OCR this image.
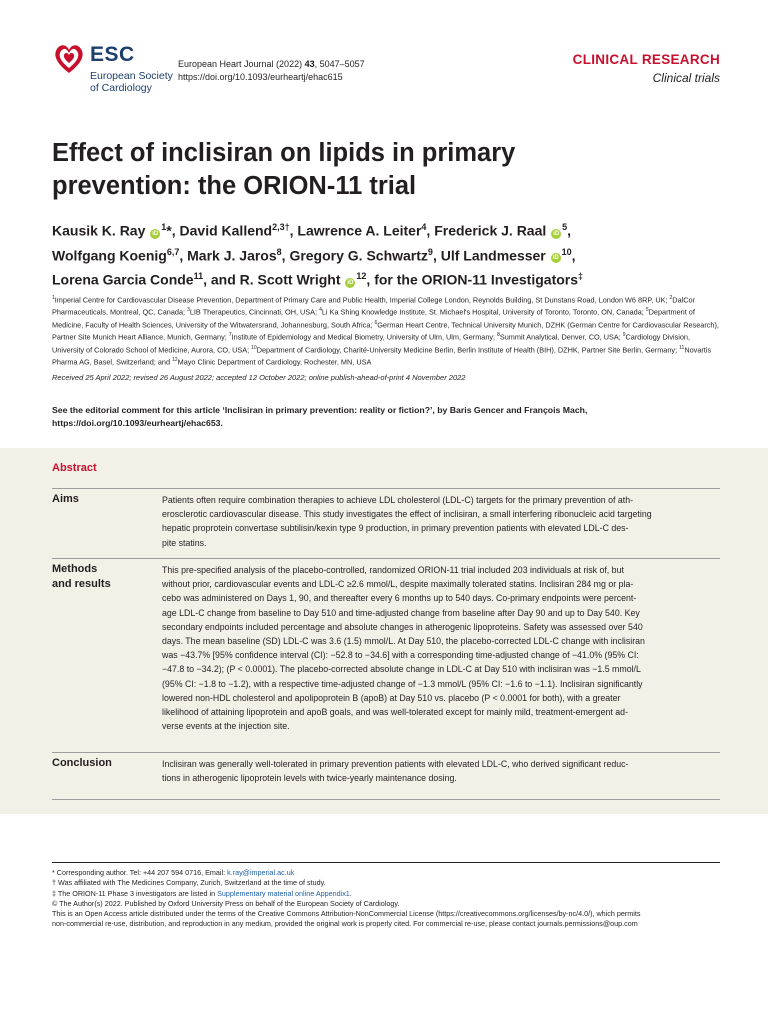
ESC
European Society
of Cardiology
European Heart Journal (2022) 43, 5047–5057
https://doi.org/10.1093/eurheartj/ehac615
CLINICAL RESEARCH
Clinical trials
Effect of inclisiran on lipids in primary
prevention: the ORION-11 trial
Kausik K. Ray $iD^1*$, David Kallend$^{2,3\dagger}$, Lawrence A. Leiter$^4$, Frederick J. Raal $iD^5$,
Wolfgang Koenig$^{6,7}$, Mark J. Jaros$^8$, Gregory G. Schwartz$^9$, Ulf Landmesser $iD^{10}$,
Lorena Garcia Conde$^{11}$, and R. Scott Wright $iD^{12}$, for the ORION-11 Investigators‡
$^1$Imperial Centre for Cardiovascular Disease Prevention, Department of Primary Care and Public Health, Imperial College London, Reynolds Building, St Dunstans Road, London W6 8RP, UK; $^2$DalCor Pharmaceuticals, Montreal, QC, Canada; $^3$LIB Therapeutics, Cincinnati, OH, USA; $^4$Li Ka Shing Knowledge Institute, St. Michael's Hospital, University of Toronto, Toronto, ON, Canada; $^5$Department of Medicine, Faculty of Health Sciences, University of the Witwatersrand, Johannesburg, South Africa; $^6$German Heart Centre, Technical University Munich, DZHK (German Centre for Cardiovascular Research), Partner Site Munich Heart Alliance, Munich, Germany; $^7$Institute of Epidemiology and Medical Biometry, University of Ulm, Ulm, Germany; $^8$Summit Analytical, Denver, CO, USA; $^9$Cardiology Division, University of Colorado School of Medicine, Aurora, CO, USA; $^{10}$Department of Cardiology, Charité-University Medicine Berlin, Berlin Institute of Health (BIH), DZHK, Partner Site Berlin, Germany; $^{11}$Novartis Pharma AG, Basel, Switzerland; and $^{12}$Mayo Clinic Department of Cardiology, Rochester, MN, USA
Received 25 April 2022; revised 26 August 2022; accepted 12 October 2022; online publish-ahead-of-print 4 November 2022
See the editorial comment for this article ‘Inclisiran in primary prevention: reality or fiction?’, by Baris Gencer and François Mach,
https://doi.org/10.1093/eurheartj/ehac653.
Abstract
Aims	Patients often require combination therapies to achieve LDL cholesterol (LDL-C) targets for the primary prevention of ath-
erosclerotic cardiovascular disease. This study investigates the effect of inclisiran, a small interfering ribonucleic acid targeting
hepatic proprotein convertase subtilisin/kexin type 9 production, in primary prevention patients with elevated LDL-C des-
pite statins.
Methods
and results
This pre-specified analysis of the placebo-controlled, randomized ORION-11 trial included 203 individuals at risk of, but
without prior, cardiovascular events and LDL-C ≥2.6 mmol/L, despite maximally tolerated statins. Inclisiran 284 mg or pla-
cebo was administered on Days 1, 90, and thereafter every 6 months up to 540 days. Co-primary endpoints were percent-
age LDL-C change from baseline to Day 510 and time-adjusted change from baseline after Day 90 and up to Day 540. Key
secondary endpoints included percentage and absolute changes in atherogenic lipoproteins. Safety was assessed over 540
days. The mean baseline (SD) LDL-C was 3.6 (1.5) mmol/L. At Day 510, the placebo-corrected LDL-C change with inclisiran
was −43.7% [95% confidence interval (CI): −52.8 to −34.6] with a corresponding time-adjusted change of −41.0% (95% CI:
−47.8 to −34.2); (P < 0.0001). The placebo-corrected absolute change in LDL-C at Day 510 with inclisiran was −1.5 mmol/L
(95% CI: −1.8 to −1.2), with a respective time-adjusted change of −1.3 mmol/L (95% CI: −1.6 to −1.1). Inclisiran significantly
lowered non-HDL cholesterol and apolipoprotein B (apoB) at Day 510 vs. placebo (P < 0.0001 for both), with a greater
likelihood of attaining lipoprotein and apoB goals, and was well-tolerated except for mainly mild, treatment-emergent ad-
verse events at the injection site.
Conclusion	Inclisiran was generally well-tolerated in primary prevention patients with elevated LDL-C, who derived significant reduc-
tions in atherogenic lipoprotein levels with twice-yearly maintenance dosing.
* Corresponding author. Tel: +44 207 594 0716, Email: k.ray@imperial.ac.uk
† Was affiliated with The Medicines Company, Zurich, Switzerland at the time of study.
‡ The ORION-11 Phase 3 investigators are listed in Supplementary material online Appendix1.
© The Author(s) 2022. Published by Oxford University Press on behalf of the European Society of Cardiology.
This is an Open Access article distributed under the terms of the Creative Commons Attribution-NonCommercial License (https://creativecommons.org/licenses/by-nc/4.0/), which permits
non-commercial re-use, distribution, and reproduction in any medium, provided the original work is properly cited. For commercial re-use, please contact journals.permissions@oup.com
